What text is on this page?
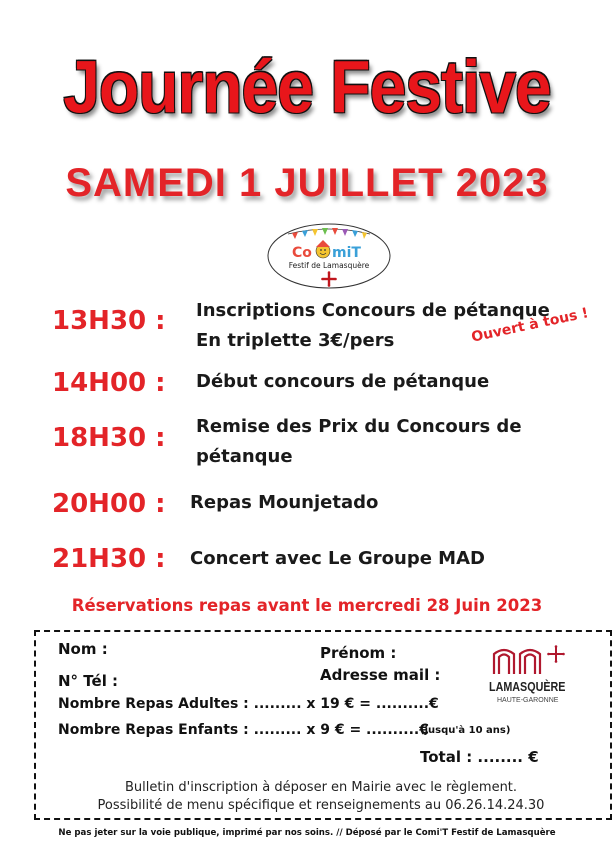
Journée Festive
SAMEDI 1 JUILLET 2023
Co miT
Festif de Lamasquère
13H30 : Inscriptions Concours de pétanque
En triplette 3€/pers	Ouvert à tous !
14H00 : Début concours de pétanque
18H30 : Remise des Prix du Concours de
pétanque
20H00 : Repas Mounjetado
21H30 : Concert avec Le Groupe MAD
Réservations repas avant le mercredi 28 Juin 2023
Nom :	Prénom :
Adresse mail :
N° Tél :
Nombre Repas Adultes : ......... x 19 € = ..........€
Nombre Repas Enfants : ......... x 9 € = ..........€
(jusqu'à 10 ans)
Total : ........ €
Bulletin d'inscription à déposer en Mairie avec le règlement.
Possibilité de menu spécifique et renseignements au 06.26.14.24.30
LAMASQUÈRE
HAUTE-GARONNE
Ne pas jeter sur la voie publique, imprimé par nos soins. // Déposé par le Comi'T Festif de Lamasquère
